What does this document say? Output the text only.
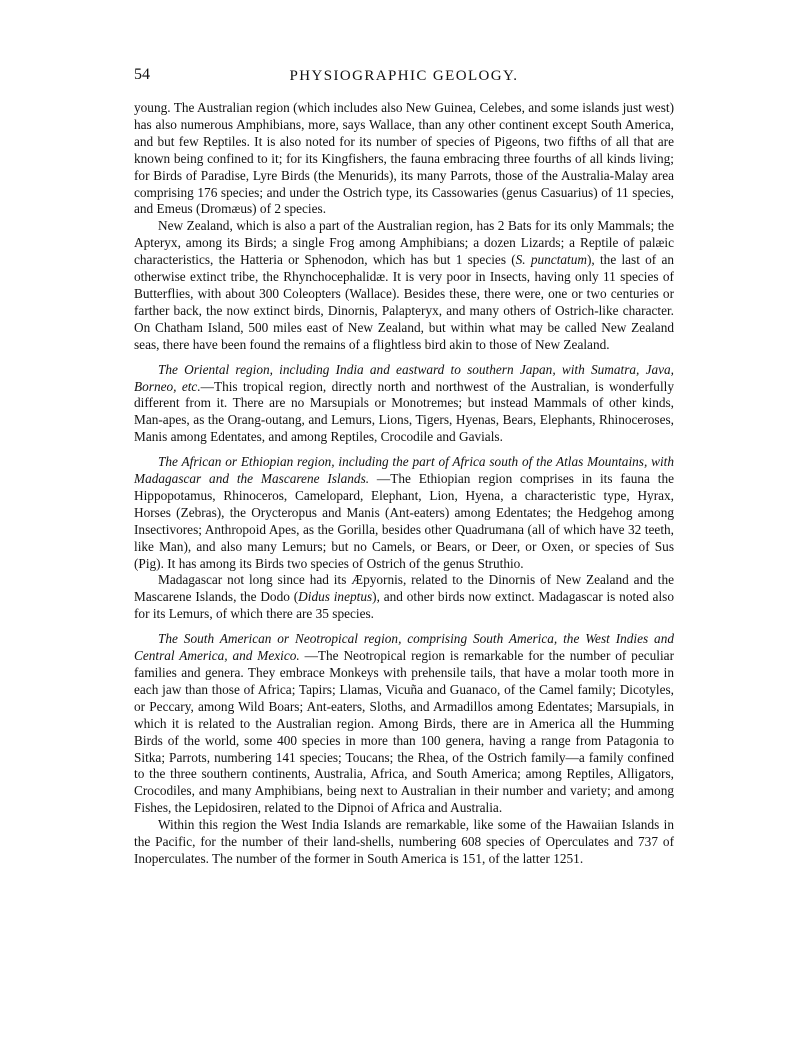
54	PHYSIOGRAPHIC GEOLOGY.

young. The Australian region (which includes also New Guinea, Celebes, and some islands just west) has also numerous Amphibians, more, says Wallace, than any other continent except South America, and but few Reptiles. It is also noted for its number of species of Pigeons, two fifths of all that are known being confined to it; for its Kingfishers, the fauna embracing three fourths of all kinds living; for Birds of Paradise, Lyre Birds (the Menurids), its many Parrots, those of the Australia-Malay area comprising 176 species; and under the Ostrich type, its Cassowaries (genus Casuarius) of 11 species, and Emeus (Dromæus) of 2 species.

New Zealand, which is also a part of the Australian region, has 2 Bats for its only Mammals; the Apteryx, among its Birds; a single Frog among Amphibians; a dozen Lizards; a Reptile of palæic characteristics, the Hatteria or Sphenodon, which has but 1 species (S. punctatum), the last of an otherwise extinct tribe, the Rhynchocephalidæ. It is very poor in Insects, having only 11 species of Butterflies, with about 300 Coleopters (Wallace). Besides these, there were, one or two centuries or farther back, the now extinct birds, Dinornis, Palapteryx, and many others of Ostrich-like character. On Chatham Island, 500 miles east of New Zealand, but within what may be called New Zealand seas, there have been found the remains of a flightless bird akin to those of New Zealand.

The Oriental region, including India and eastward to southern Japan, with Sumatra, Java, Borneo, etc.—This tropical region, directly north and northwest of the Australian, is wonderfully different from it. There are no Marsupials or Monotremes; but instead Mammals of other kinds, Man-apes, as the Orang-outang, and Lemurs, Lions, Tigers, Hyenas, Bears, Elephants, Rhinoceroses, Manis among Edentates, and among Reptiles, Crocodile and Gavials.

The African or Ethiopian region, including the part of Africa south of the Atlas Mountains, with Madagascar and the Mascarene Islands. —The Ethiopian region comprises in its fauna the Hippopotamus, Rhinoceros, Camelopard, Elephant, Lion, Hyena, a characteristic type, Hyrax, Horses (Zebras), the Orycteropus and Manis (Ant-eaters) among Edentates; the Hedgehog among Insectivores; Anthropoid Apes, as the Gorilla, besides other Quadrumana (all of which have 32 teeth, like Man), and also many Lemurs; but no Camels, or Bears, or Deer, or Oxen, or species of Sus (Pig). It has among its Birds two species of Ostrich of the genus Struthio.

Madagascar not long since had its Æpyornis, related to the Dinornis of New Zealand and the Mascarene Islands, the Dodo (Didus ineptus), and other birds now extinct. Madagascar is noted also for its Lemurs, of which there are 35 species.

The South American or Neotropical region, comprising South America, the West Indies and Central America, and Mexico. —The Neotropical region is remarkable for the number of peculiar families and genera. They embrace Monkeys with prehensile tails, that have a molar tooth more in each jaw than those of Africa; Tapirs; Llamas, Vicuña and Guanaco, of the Camel family; Dicotyles, or Peccary, among Wild Boars; Ant-eaters, Sloths, and Armadillos among Edentates; Marsupials, in which it is related to the Australian region. Among Birds, there are in America all the Humming Birds of the world, some 400 species in more than 100 genera, having a range from Patagonia to Sitka; Parrots, numbering 141 species; Toucans; the Rhea, of the Ostrich family—a family confined to the three southern continents, Australia, Africa, and South America; among Reptiles, Alligators, Crocodiles, and many Amphibians, being next to Australian in their number and variety; and among Fishes, the Lepidosiren, related to the Dipnoi of Africa and Australia.

Within this region the West India Islands are remarkable, like some of the Hawaiian Islands in the Pacific, for the number of their land-shells, numbering 608 species of Operculates and 737 of Inoperculates. The number of the former in South America is 151, of the latter 1251.
